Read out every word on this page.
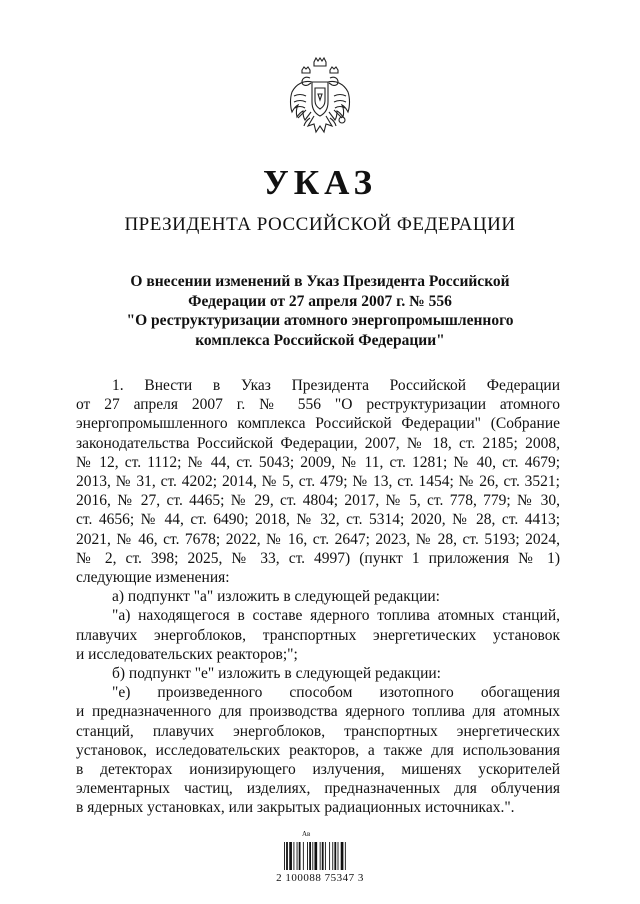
УКАЗ
ПРЕЗИДЕНТА РОССИЙСКОЙ ФЕДЕРАЦИИ
О внесении изменений в Указ Президента Российской
Федерации от 27 апреля 2007 г. № 556
"О реструктуризации атомного энергопромышленного
комплекса Российской Федерации"
1. Внести в Указ Президента Российской Федерации
от 27 апреля 2007 г. № 556 "О реструктуризации атомного
энергопромышленного комплекса Российской Федерации" (Собрание
законодательства Российской Федерации, 2007, № 18, ст. 2185; 2008,
№ 12, ст. 1112; № 44, ст. 5043; 2009, № 11, ст. 1281; № 40, ст. 4679;
2013, № 31, ст. 4202; 2014, № 5, ст. 479; № 13, ст. 1454; № 26, ст. 3521;
2016, № 27, ст. 4465; № 29, ст. 4804; 2017, № 5, ст. 778, 779; № 30,
ст. 4656; № 44, ст. 6490; 2018, № 32, ст. 5314; 2020, № 28, ст. 4413;
2021, № 46, ст. 7678; 2022, № 16, ст. 2647; 2023, № 28, ст. 5193; 2024,
№ 2, ст. 398; 2025, № 33, ст. 4997) (пункт 1 приложения № 1)
следующие изменения:
а) подпункт "а" изложить в следующей редакции:
"а) находящегося в составе ядерного топлива атомных станций,
плавучих энергоблоков, транспортных энергетических установок
и исследовательских реакторов;";
б) подпункт "е" изложить в следующей редакции:
"е) произведенного способом изотопного обогащения
и предназначенного для производства ядерного топлива для атомных
станций, плавучих энергоблоков, транспортных энергетических
установок, исследовательских реакторов, а также для использования
в детекторах ионизирующего излучения, мишенях ускорителей
элементарных частиц, изделиях, предназначенных для облучения
в ядерных установках, или закрытых радиационных источниках.".
Ав
2 100088 75347 3
